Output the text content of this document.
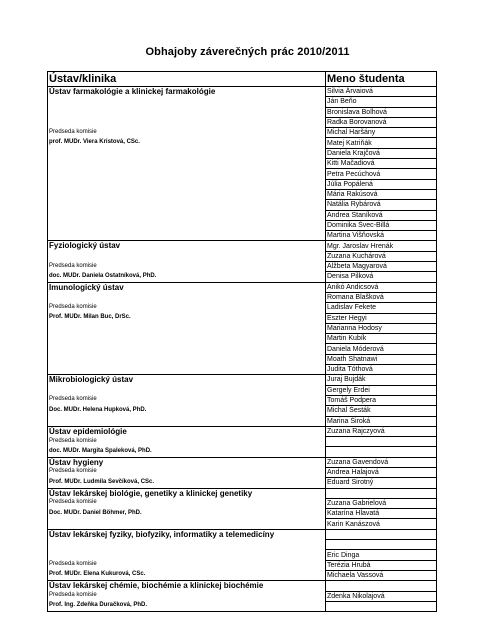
Obhajoby záverečných prác 2010/2011
Ústav/klinika	Meno študenta

Ústav farmakológie a klinickej farmakológie	Silvia Árvaiová
	Ján Beňo
	Bronislava Bolhová
	Radka Borovanová

Predseda komisie	Michal Haršány

prof. MUDr. Viera Kristová, CSc.	Matej Katriňák
	Daniela Krajčová
	Kitti Mačadiová
	Petra Pecúchová
	Júlia Popálená
	Mária Rakúsová
	Natália Rybárová
	Andrea Staníková
	Dominika Švec-Billá
	Martina Višňovská

Fyziologický ústav	Mgr. Jaroslav Hrenák
	Zuzana Kuchárová

Predseda komisie	Alžbeta Magyarová

doc. MUDr. Daniela Ostatníková, PhD.	Denisa Pilková

Imunologický ústav	Anikó Andicsová
	Romana Blašková

Predseda komisie	Ladislav Fekete

Prof. MUDr. Milan Buc, DrSc.	Eszter Hegyi
	Marianna Hodosy
	Martin Kubík
	Daniela Móderová
	Moath Shatnawi
	Judita Tóthová

Mikrobiologický ústav	Juraj Bujdák
	Gergely Erdei

Predseda komisie	Tomáš Podpera

Doc. MUDr. Helena Hupková, PhD.	Michal Šesták
	Marina Široká

Ústav epidemiológie	Zuzana Rajczyová

Predseda komisie	

doc. MUDr. Margita Špaleková, PhD.	

Ústav hygieny	Zuzana Gavendová

Predseda komisie	Andrea Halajová

Prof. MUDr. Ludmila Ševčíková, CSc.	Eduard Sirotný

Ústav lekárskej biológie, genetiky a klinickej genetiky	

Predseda komisie	Zuzana Gabrielová

Doc. MUDr. Daniel Böhmer, PhD.	Katarína Hlavatá
	Karin Kanászová

Ústav lekárskej fyziky, biofyziky, informatiky a telemedicíny	

	Eric Dinga

Predseda komisie	Terézia Hrubá

Prof. MUDr. Elena Kukurová, CSc.	Michaela Vassová

Ústav lekárskej chémie, biochémie a klinickej biochémie	

Predseda komisie	Zdenka Nikolajová

Prof. Ing. Zdeňka Ďuračková, PhD.	
